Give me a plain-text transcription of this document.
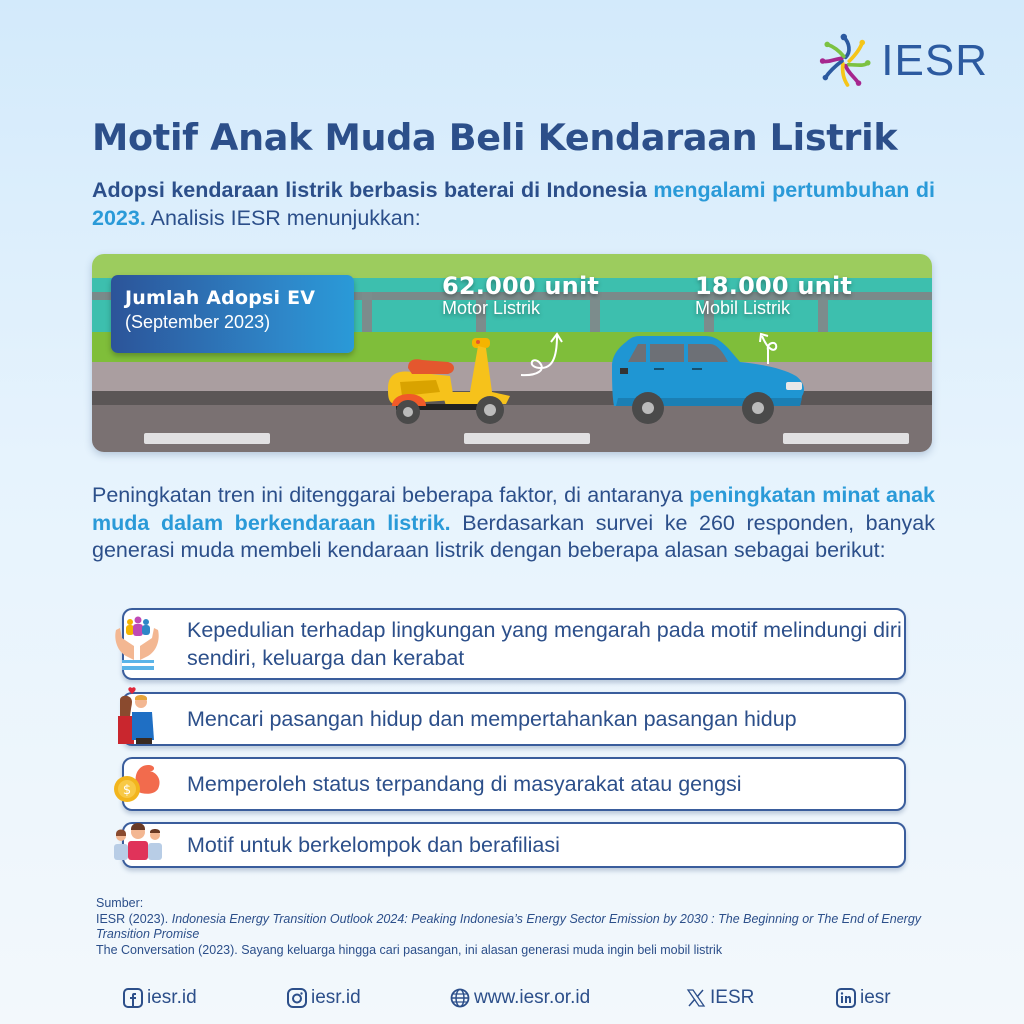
IESR
Motif Anak Muda Beli Kendaraan Listrik

Adopsi kendaraan listrik berbasis baterai di Indonesia mengalami pertumbuhan di 2023. Analisis IESR menunjukkan:

Jumlah Adopsi EV
(September 2023)
62.000 unit
Motor Listrik
18.000 unit
Mobil Listrik

Peningkatan tren ini ditenggarai beberapa faktor, di antaranya peningkatan minat anak muda dalam berkendaraan listrik. Berdasarkan survei ke 260 responden, banyak generasi muda membeli kendaraan listrik dengan beberapa alasan sebagai berikut:

Kepedulian terhadap lingkungan yang mengarah pada motif melindungi diri sendiri, keluarga dan kerabat
Mencari pasangan hidup dan mempertahankan pasangan hidup
$	Memperoleh status terpandang di masyarakat atau gengsi
Motif untuk berkelompok dan berafiliasi
Sumber:
IESR (2023). Indonesia Energy Transition Outlook 2024: Peaking Indonesia’s Energy Sector Emission by 2030 : The Beginning or The End of Energy Transition Promise
The Conversation (2023). Sayang keluarga hingga cari pasangan, ini alasan generasi muda ingin beli mobil listrik
iesr.id	iesr.id	www.iesr.or.id	IESR	iesr
